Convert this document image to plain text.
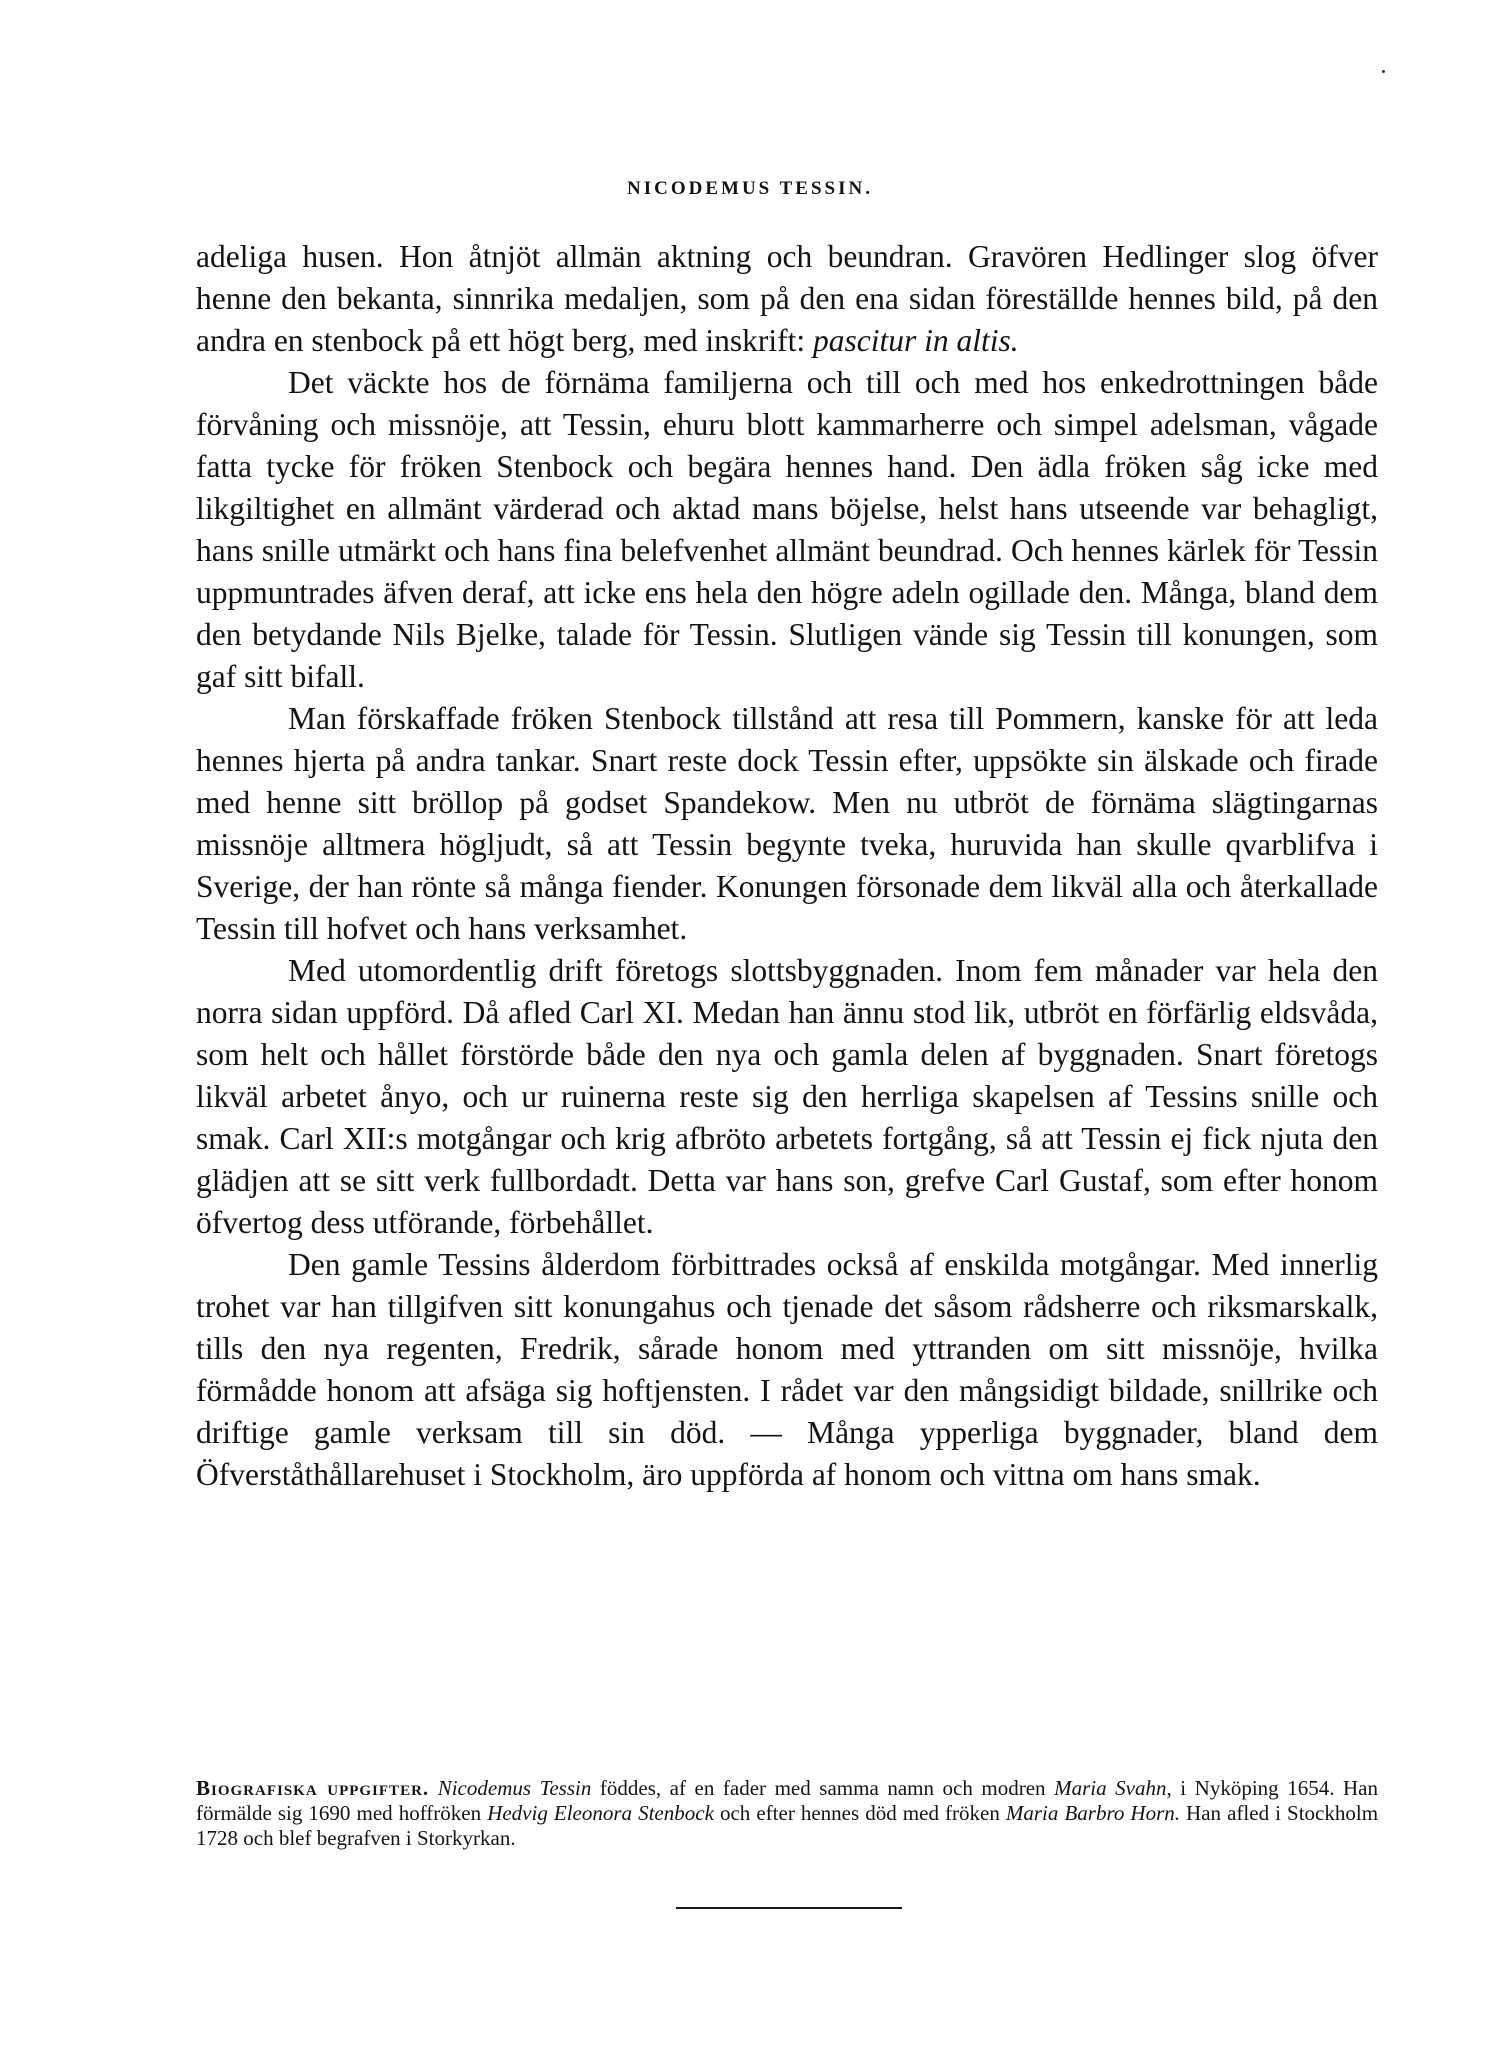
NICODEMUS TESSIN.

adeliga husen. Hon åtnjöt allmän aktning och beundran. Gravören Hedlinger slog öfver henne den bekanta, sinnrika medaljen, som på den ena sidan föreställde hennes bild, på den andra en stenbock på ett högt berg, med inskrift: pascitur in altis.

Det väckte hos de förnäma familjerna och till och med hos enkedrottningen både förvåning och missnöje, att Tessin, ehuru blott kammarherre och simpel adelsman, vågade fatta tycke för fröken Stenbock och begära hennes hand. Den ädla fröken såg icke med likgiltighet en allmänt värderad och aktad mans böjelse, helst hans utseende var behagligt, hans snille utmärkt och hans fina belefvenhet allmänt beundrad. Och hennes kärlek för Tessin uppmuntrades äfven deraf, att icke ens hela den högre adeln ogillade den. Många, bland dem den betydande Nils Bjelke, talade för Tessin. Slutligen vände sig Tessin till konungen, som gaf sitt bifall.

Man förskaffade fröken Stenbock tillstånd att resa till Pommern, kanske för att leda hennes hjerta på andra tankar. Snart reste dock Tessin efter, uppsökte sin älskade och firade med henne sitt bröllop på godset Spandekow. Men nu utbröt de förnäma slägtingarnas missnöje alltmera högljudt, så att Tessin begynte tveka, huruvida han skulle qvarblifva i Sverige, der han rönte så många fiender. Konungen försonade dem likväl alla och återkallade Tessin till hofvet och hans verksamhet.

Med utomordentlig drift företogs slottsbyggnaden. Inom fem månader var hela den norra sidan uppförd. Då afled Carl XI. Medan han ännu stod lik, utbröt en förfärlig eldsvåda, som helt och hållet förstörde både den nya och gamla delen af byggnaden. Snart företogs likväl arbetet ånyo, och ur ruinerna reste sig den herrliga skapelsen af Tessins snille och smak. Carl XII:s motgångar och krig afbröto arbetets fortgång, så att Tessin ej fick njuta den glädjen att se sitt verk fullbordadt. Detta var hans son, grefve Carl Gustaf, som efter honom öfvertog dess utförande, förbehållet.

Den gamle Tessins ålderdom förbittrades också af enskilda motgångar. Med innerlig trohet var han tillgifven sitt konungahus och tjenade det såsom rådsherre och riksmarskalk, tills den nya regenten, Fredrik, sårade honom med yttranden om sitt missnöje, hvilka förmådde honom att afsäga sig hoftjensten. I rådet var den mångsidigt bildade, snillrike och driftige gamle verksam till sin död. — Många ypperliga byggnader, bland dem Öfverståthållarehuset i Stockholm, äro uppförda af honom och vittna om hans smak.

Biografiska uppgifter. Nicodemus Tessin föddes, af en fader med samma namn och modren Maria Svahn, i Nyköping 1654. Han förmälde sig 1690 med hoffröken Hedvig Eleonora Stenbock och efter hennes död med fröken Maria Barbro Horn. Han afled i Stockholm 1728 och blef begrafven i Storkyrkan.
